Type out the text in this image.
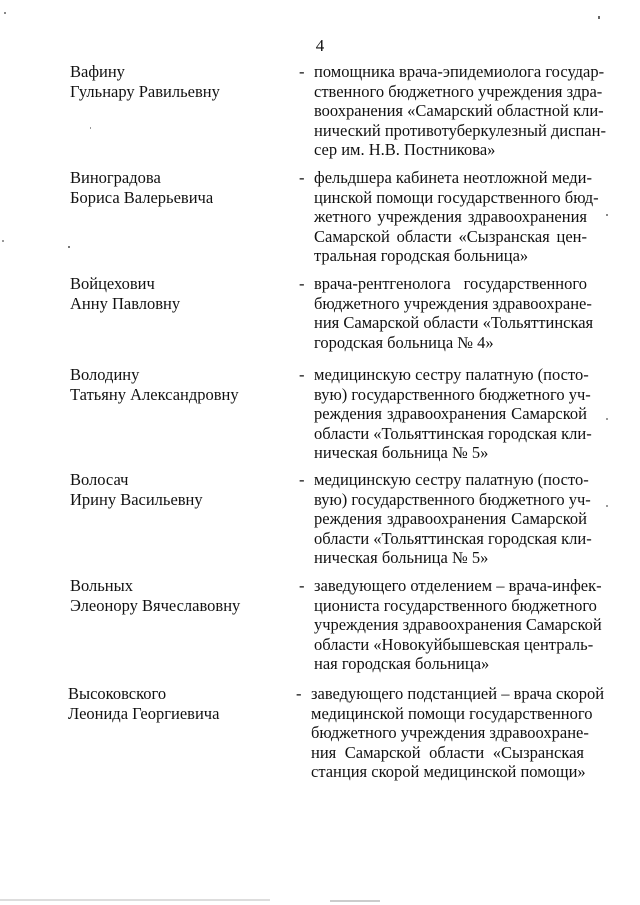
4
Вафину
Гульнару Равильевну
- помощника врача-эпидемиолога государ-
ственного бюджетного учреждения здра-
воохранения «Самарский областной кли-
нический противотуберкулезный диспан-
сер им. Н.В. Постникова»
Виноградова
Бориса Валерьевича
- фельдшера кабинета неотложной меди-
цинской помощи государственного бюд-
жетного учреждения здравоохранения
Самарской области «Сызранская цен-
тральная городская больница»
Войцехович
Анну Павловну
- врача-рентгенолога государственного
бюджетного учреждения здравоохране-
ния Самарской области «Тольяттинская
городская больница № 4»
Володину
Татьяну Александровну
- медицинскую сестру палатную (посто-
вую) государственного бюджетного уч-
реждения здравоохранения Самарской
области «Тольяттинская городская кли-
ническая больница № 5»
Волосач
Ирину Васильевну
- медицинскую сестру палатную (посто-
вую) государственного бюджетного уч-
реждения здравоохранения Самарской
области «Тольяттинская городская кли-
ническая больница № 5»
Вольных
Элеонору Вячеславовну
- заведующего отделением – врача-инфек-
циониста государственного бюджетного
учреждения здравоохранения Самарской
области «Новокуйбышевская централь-
ная городская больница»
Высоковского
Леонида Георгиевича
- заведующего подстанцией – врача скорой
медицинской помощи государственного
бюджетного учреждения здравоохране-
ния Самарской области «Сызранская
станция скорой медицинской помощи»
